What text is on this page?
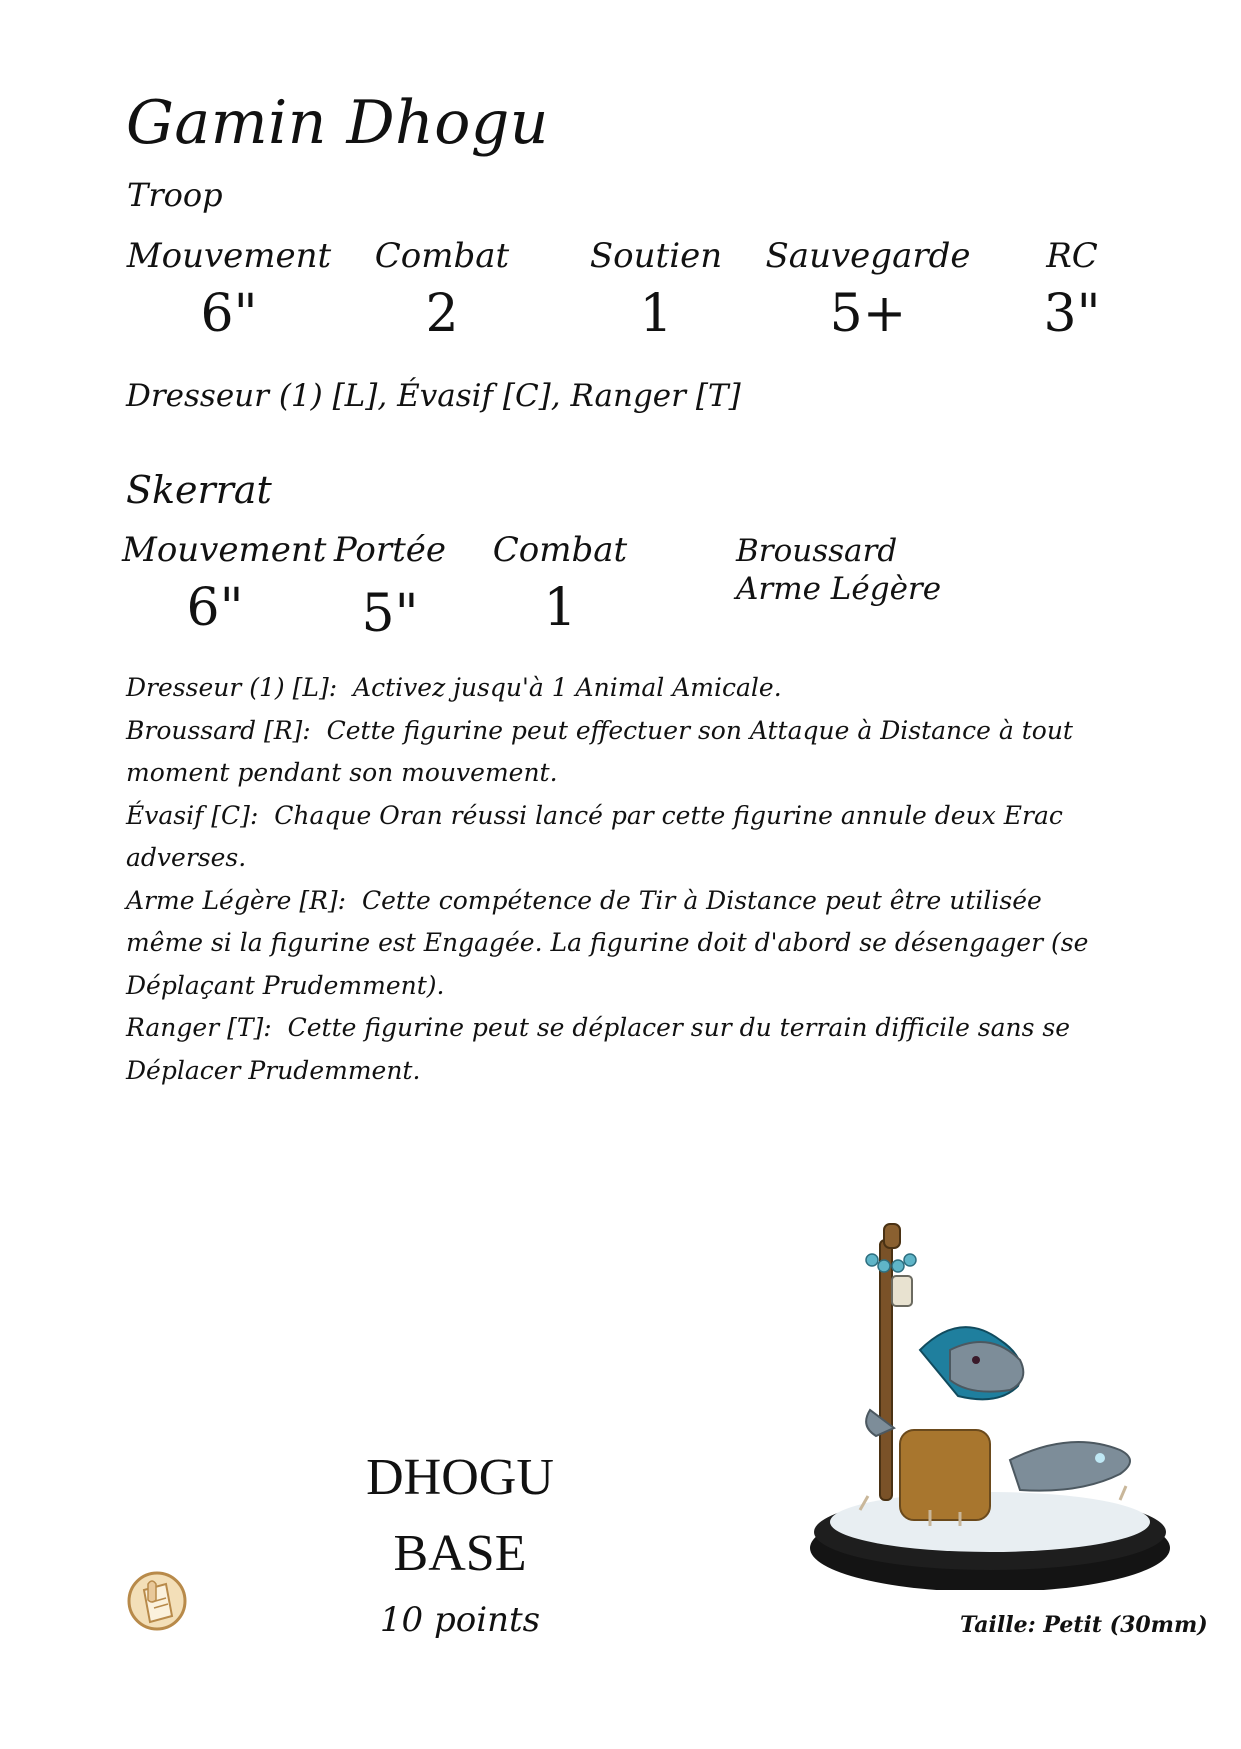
Gamin Dhogu
Troop
Mouvement
6"
Combat
2
Soutien
1
Sauvegarde
5+
RC
3"
Dresseur (1) [L], Évasif [C], Ranger [T]
Skerrat
Mouvement
6"
Portée
5"
Combat
1
Broussard
Arme Légère

Dresseur (1) [L]: Activez jusqu'à 1 Animal Amicale.

Broussard [R]: Cette figurine peut effectuer son Attaque à Distance à tout moment pendant son mouvement.

Évasif [C]: Chaque Oran réussi lancé par cette figurine annule deux Erac adverses.

Arme Légère [R]: Cette compétence de Tir à Distance peut être utilisée même si la figurine est Engagée. La figurine doit d'abord se désengager (se Déplaçant Prudemment).

Ranger [T]: Cette figurine peut se déplacer sur du terrain difficile sans se Déplacer Prudemment.

DHOGU
BASE
10 points	Taille: Petit (30mm)
